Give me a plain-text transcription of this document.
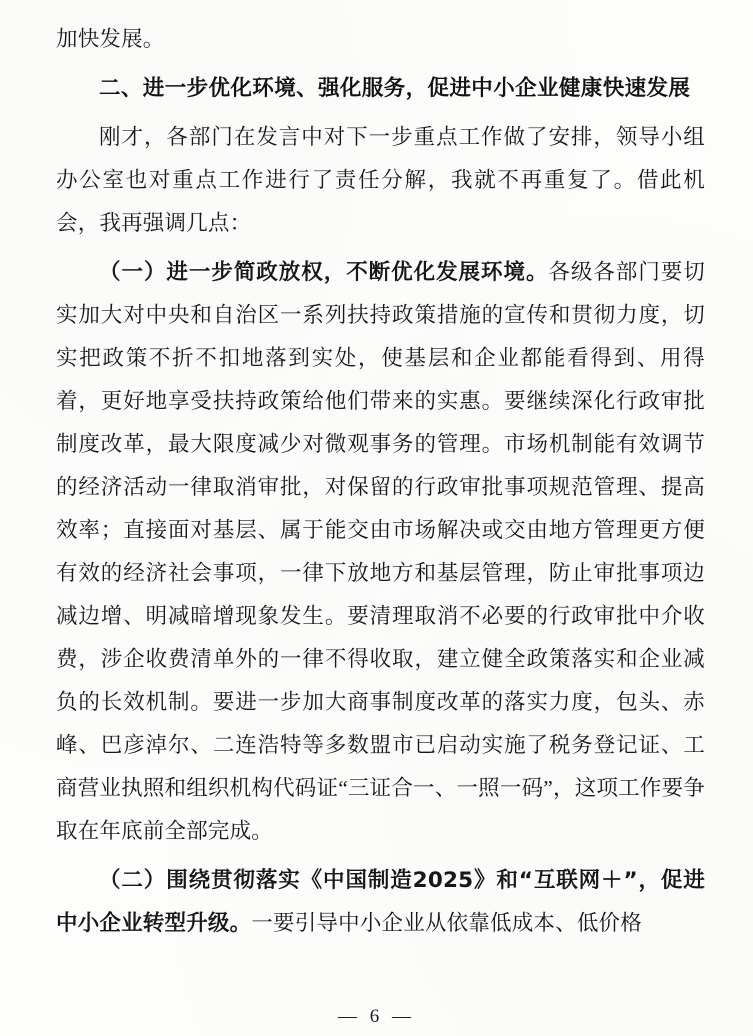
加快发展。

二、进一步优化环境、强化服务，促进中小企业健康快速发展

刚才，各部门在发言中对下一步重点工作做了安排，领导小组办公室也对重点工作进行了责任分解，我就不再重复了。借此机会，我再强调几点：

（一）进一步简政放权，不断优化发展环境。各级各部门要切实加大对中央和自治区一系列扶持政策措施的宣传和贯彻力度，切实把政策不折不扣地落到实处，使基层和企业都能看得到、用得着，更好地享受扶持政策给他们带来的实惠。要继续深化行政审批制度改革，最大限度减少对微观事务的管理。市场机制能有效调节的经济活动一律取消审批，对保留的行政审批事项规范管理、提高效率；直接面对基层、属于能交由市场解决或交由地方管理更方便有效的经济社会事项，一律下放地方和基层管理，防止审批事项边减边增、明减暗增现象发生。要清理取消不必要的行政审批中介收费，涉企收费清单外的一律不得收取，建立健全政策落实和企业减负的长效机制。要进一步加大商事制度改革的落实力度，包头、赤峰、巴彦淖尔、二连浩特等多数盟市已启动实施了税务登记证、工商营业执照和组织机构代码证“三证合一、一照一码”，这项工作要争取在年底前全部完成。

（二）围绕贯彻落实《中国制造2025》和“互联网＋”，促进中小企业转型升级。一要引导中小企业从依靠低成本、低价格

— 6 —
